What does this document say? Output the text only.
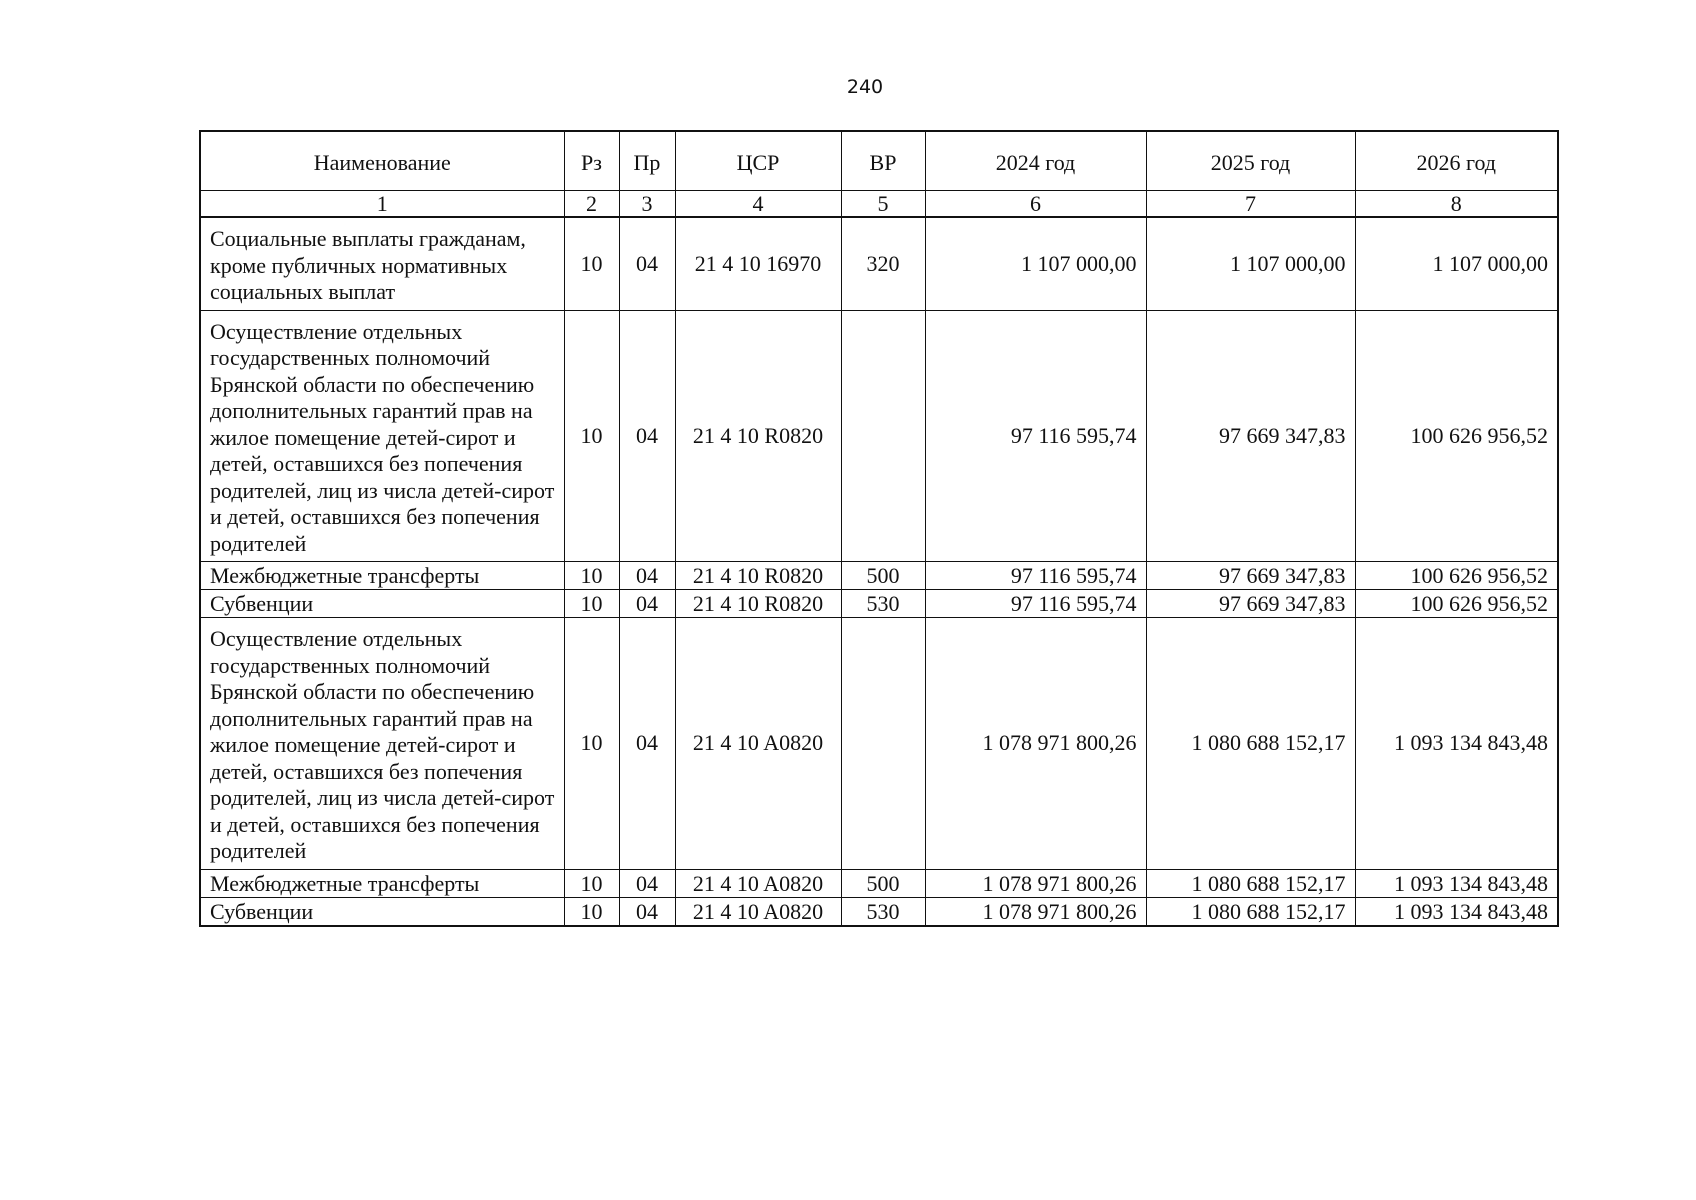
240
Наименование	Рз	Пр	ЦСР	ВР	2024 год	2025 год	2026 год
1	2	3	4	5	6	7	8
Социальные выплаты гражданам, кроме публичных нормативных социальных выплат	10	04	21 4 10 16970	320	1 107 000,00	1 107 000,00	1 107 000,00
Осуществление отдельных государственных полномочий Брянской области по обеспечению дополнительных гарантий прав на жилое помещение детей-сирот и детей, оставшихся без попечения родителей, лиц из числа детей-сирот и детей, оставшихся без попечения родителей	10	04	21 4 10 R0820		97 116 595,74	97 669 347,83	100 626 956,52
Межбюджетные трансферты	10	04	21 4 10 R0820	500	97 116 595,74	97 669 347,83	100 626 956,52
Субвенции	10	04	21 4 10 R0820	530	97 116 595,74	97 669 347,83	100 626 956,52
Осуществление отдельных государственных полномочий Брянской области по обеспечению дополнительных гарантий прав на жилое помещение детей-сирот и детей, оставшихся без попечения родителей, лиц из числа детей-сирот и детей, оставшихся без попечения родителей	10	04	21 4 10 A0820		1 078 971 800,26	1 080 688 152,17	1 093 134 843,48
Межбюджетные трансферты	10	04	21 4 10 A0820	500	1 078 971 800,26	1 080 688 152,17	1 093 134 843,48
Субвенции	10	04	21 4 10 A0820	530	1 078 971 800,26	1 080 688 152,17	1 093 134 843,48
